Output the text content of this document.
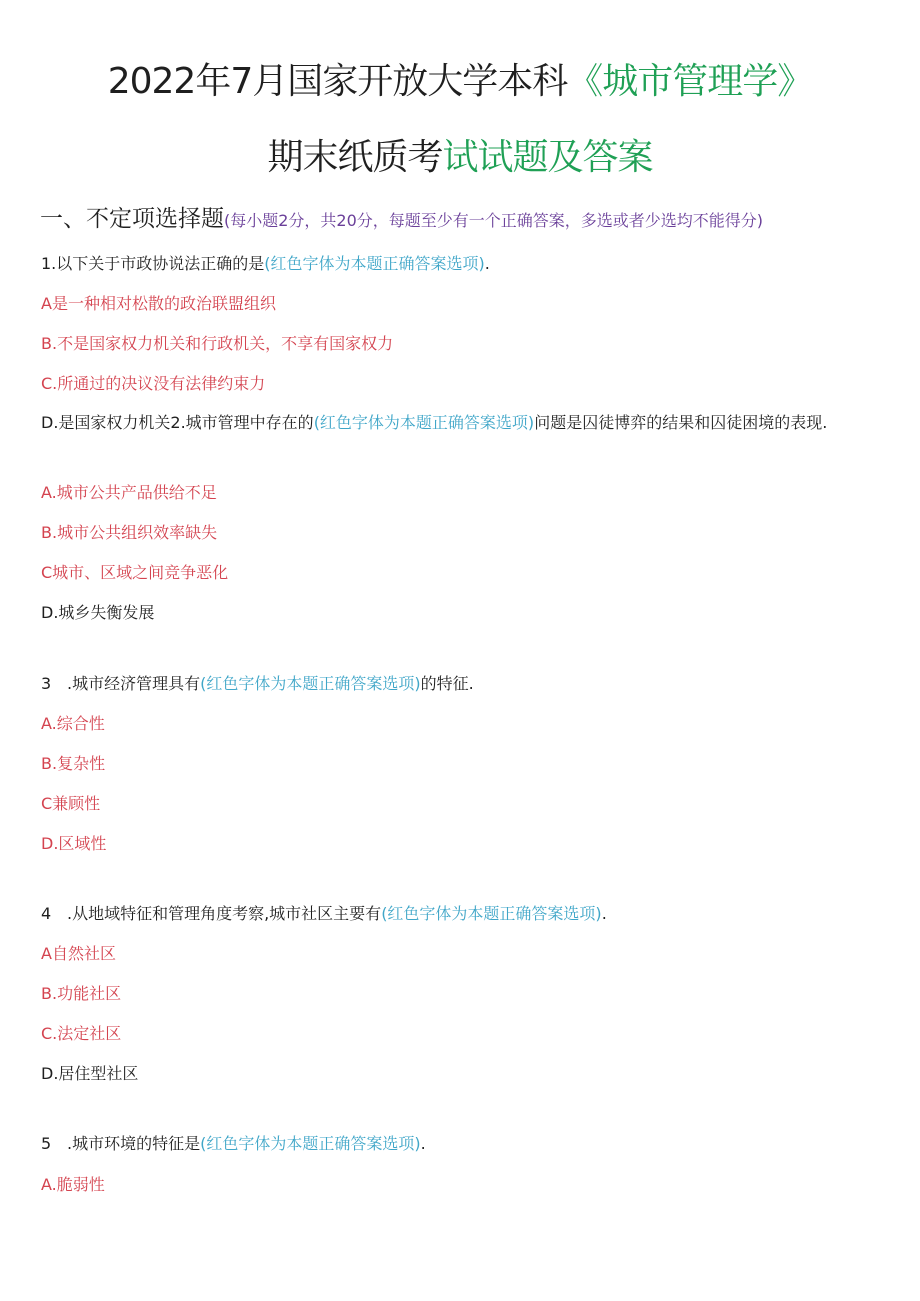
2022年7月国家开放大学本科《城市管理学》
期末纸质考试试题及答案
一、不定项选择题(每小题2分，共20分，每题至少有一个正确答案，多选或者少选均不能得分)
1.以下关于市政协说法正确的是(红色字体为本题正确答案选项).
A是一种相对松散的政治联盟组织
B.不是国家权力机关和行政机关，不享有国家权力
C.所通过的决议没有法律约束力
D.是国家权力机关2.城市管理中存在的(红色字体为本题正确答案选项)问题是囚徒博弈的结果和囚徒困境的表现.
A.城市公共产品供给不足
B.城市公共组织效率缺失
C城市、区域之间竞争恶化
D.城乡失衡发展
3 .城市经济管理具有(红色字体为本题正确答案选项)的特征.
A.综合性
B.复杂性
C兼顾性
D.区域性
4 .从地域特征和管理角度考察,城市社区主要有(红色字体为本题正确答案选项).
A自然社区
B.功能社区
C.法定社区
D.居住型社区
5 .城市环境的特征是(红色字体为本题正确答案选项).
A.脆弱性
